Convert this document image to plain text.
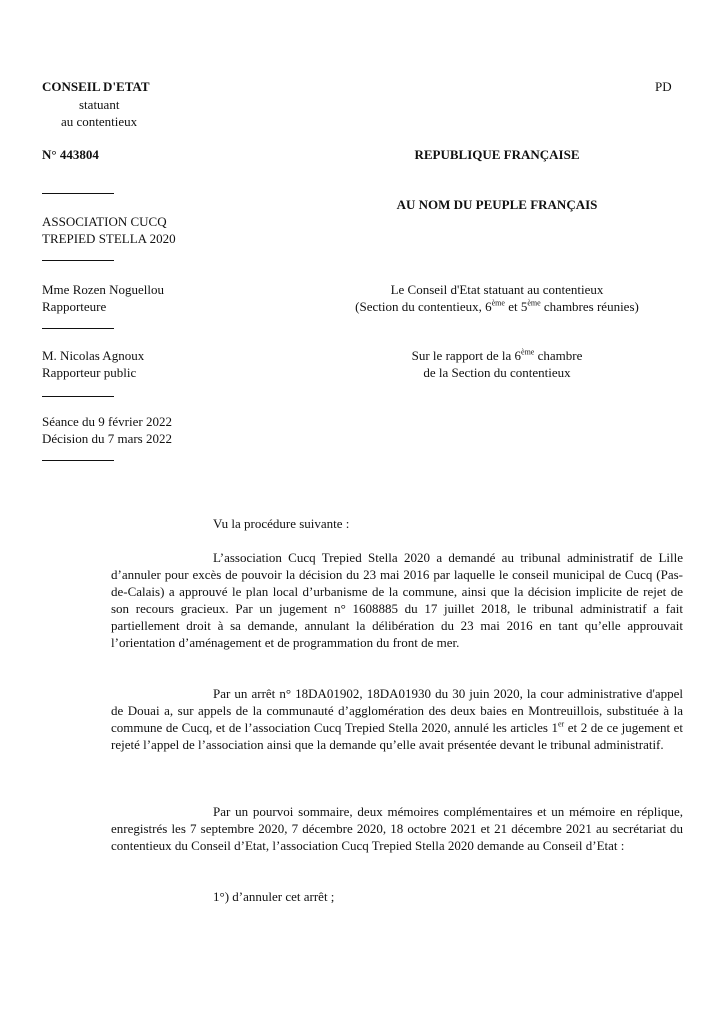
CONSEIL D'ETAT
statuant
au contentieux
PD
N° 443804	REPUBLIQUE FRANÇAISE
AU NOM DU PEUPLE FRANÇAIS
ASSOCIATION CUCQ
TREPIED STELLA 2020
Mme Rozen Noguellou
Rapporteure
Le Conseil d'Etat statuant au contentieux
(Section du contentieux, 6ème et 5ème chambres réunies)
M. Nicolas Agnoux
Rapporteur public
Sur le rapport de la 6ème chambre
de la Section du contentieux
Séance du 9 février 2022
Décision du 7 mars 2022
Vu la procédure suivante :
L’association Cucq Trepied Stella 2020 a demandé au tribunal administratif de Lille d’annuler pour excès de pouvoir la décision du 23 mai 2016 par laquelle le conseil municipal de Cucq (Pas-de-Calais) a approuvé le plan local d’urbanisme de la commune, ainsi que la décision implicite de rejet de son recours gracieux. Par un jugement n° 1608885 du 17 juillet 2018, le tribunal administratif a fait partiellement droit à sa demande, annulant la délibération du 23 mai 2016 en tant qu’elle approuvait l’orientation d’aménagement et de programmation du front de mer.
Par un arrêt n° 18DA01902, 18DA01930 du 30 juin 2020, la cour administrative d'appel de Douai a, sur appels de la communauté d’agglomération des deux baies en Montreuillois, substituée à la commune de Cucq, et de l’association Cucq Trepied Stella 2020, annulé les articles 1er et 2 de ce jugement et rejeté l’appel de l’association ainsi que la demande qu’elle avait présentée devant le tribunal administratif.
Par un pourvoi sommaire, deux mémoires complémentaires et un mémoire en réplique, enregistrés les 7 septembre 2020, 7 décembre 2020, 18 octobre 2021 et 21 décembre 2021 au secrétariat du contentieux du Conseil d’Etat, l’association Cucq Trepied Stella 2020 demande au Conseil d’Etat :
1°) d’annuler cet arrêt ;
